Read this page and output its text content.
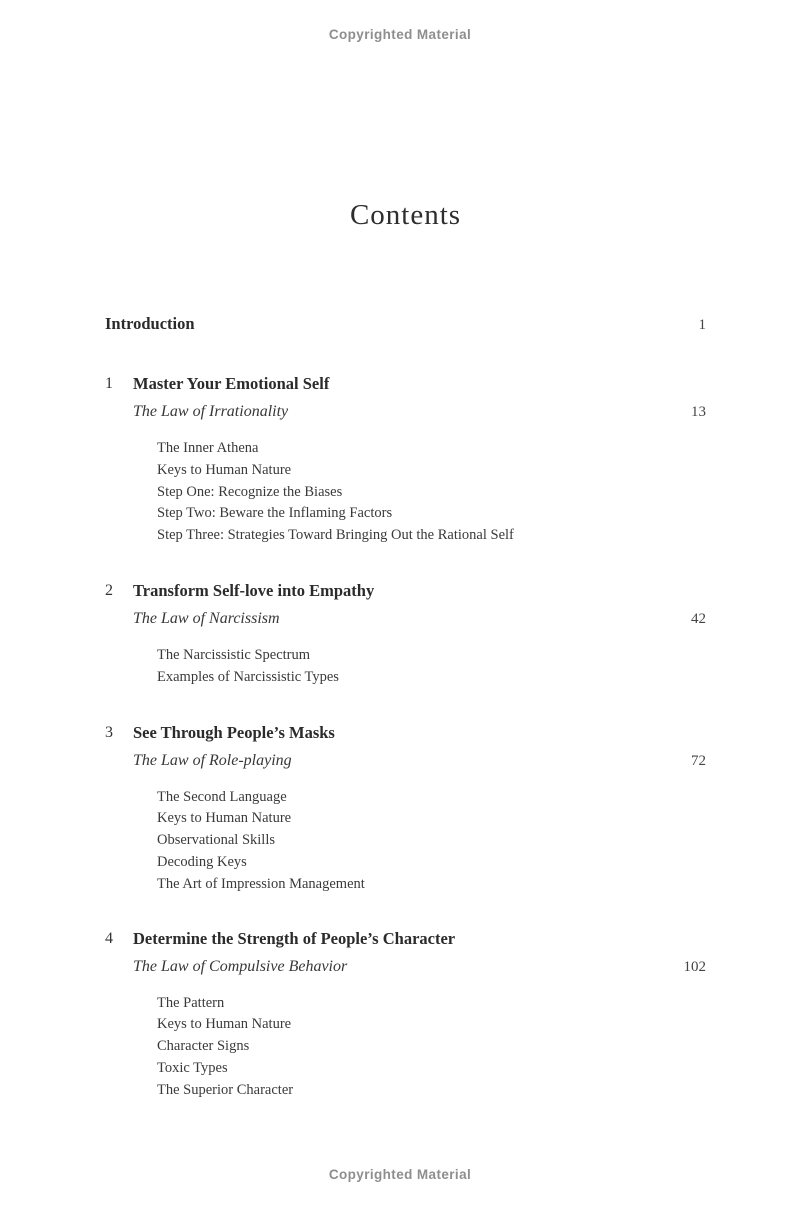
Copyrighted Material
Contents
Introduction	1
1	Master Your Emotional Self
The Law of Irrationality	13
The Inner Athena
Keys to Human Nature
Step One: Recognize the Biases
Step Two: Beware the Inflaming Factors
Step Three: Strategies Toward Bringing Out the Rational Self
2	Transform Self-love into Empathy
The Law of Narcissism	42
The Narcissistic Spectrum
Examples of Narcissistic Types
3	See Through People’s Masks
The Law of Role-playing	72
The Second Language
Keys to Human Nature
Observational Skills
Decoding Keys
The Art of Impression Management
4	Determine the Strength of People’s Character
The Law of Compulsive Behavior	102
The Pattern
Keys to Human Nature
Character Signs
Toxic Types
The Superior Character
Copyrighted Material
